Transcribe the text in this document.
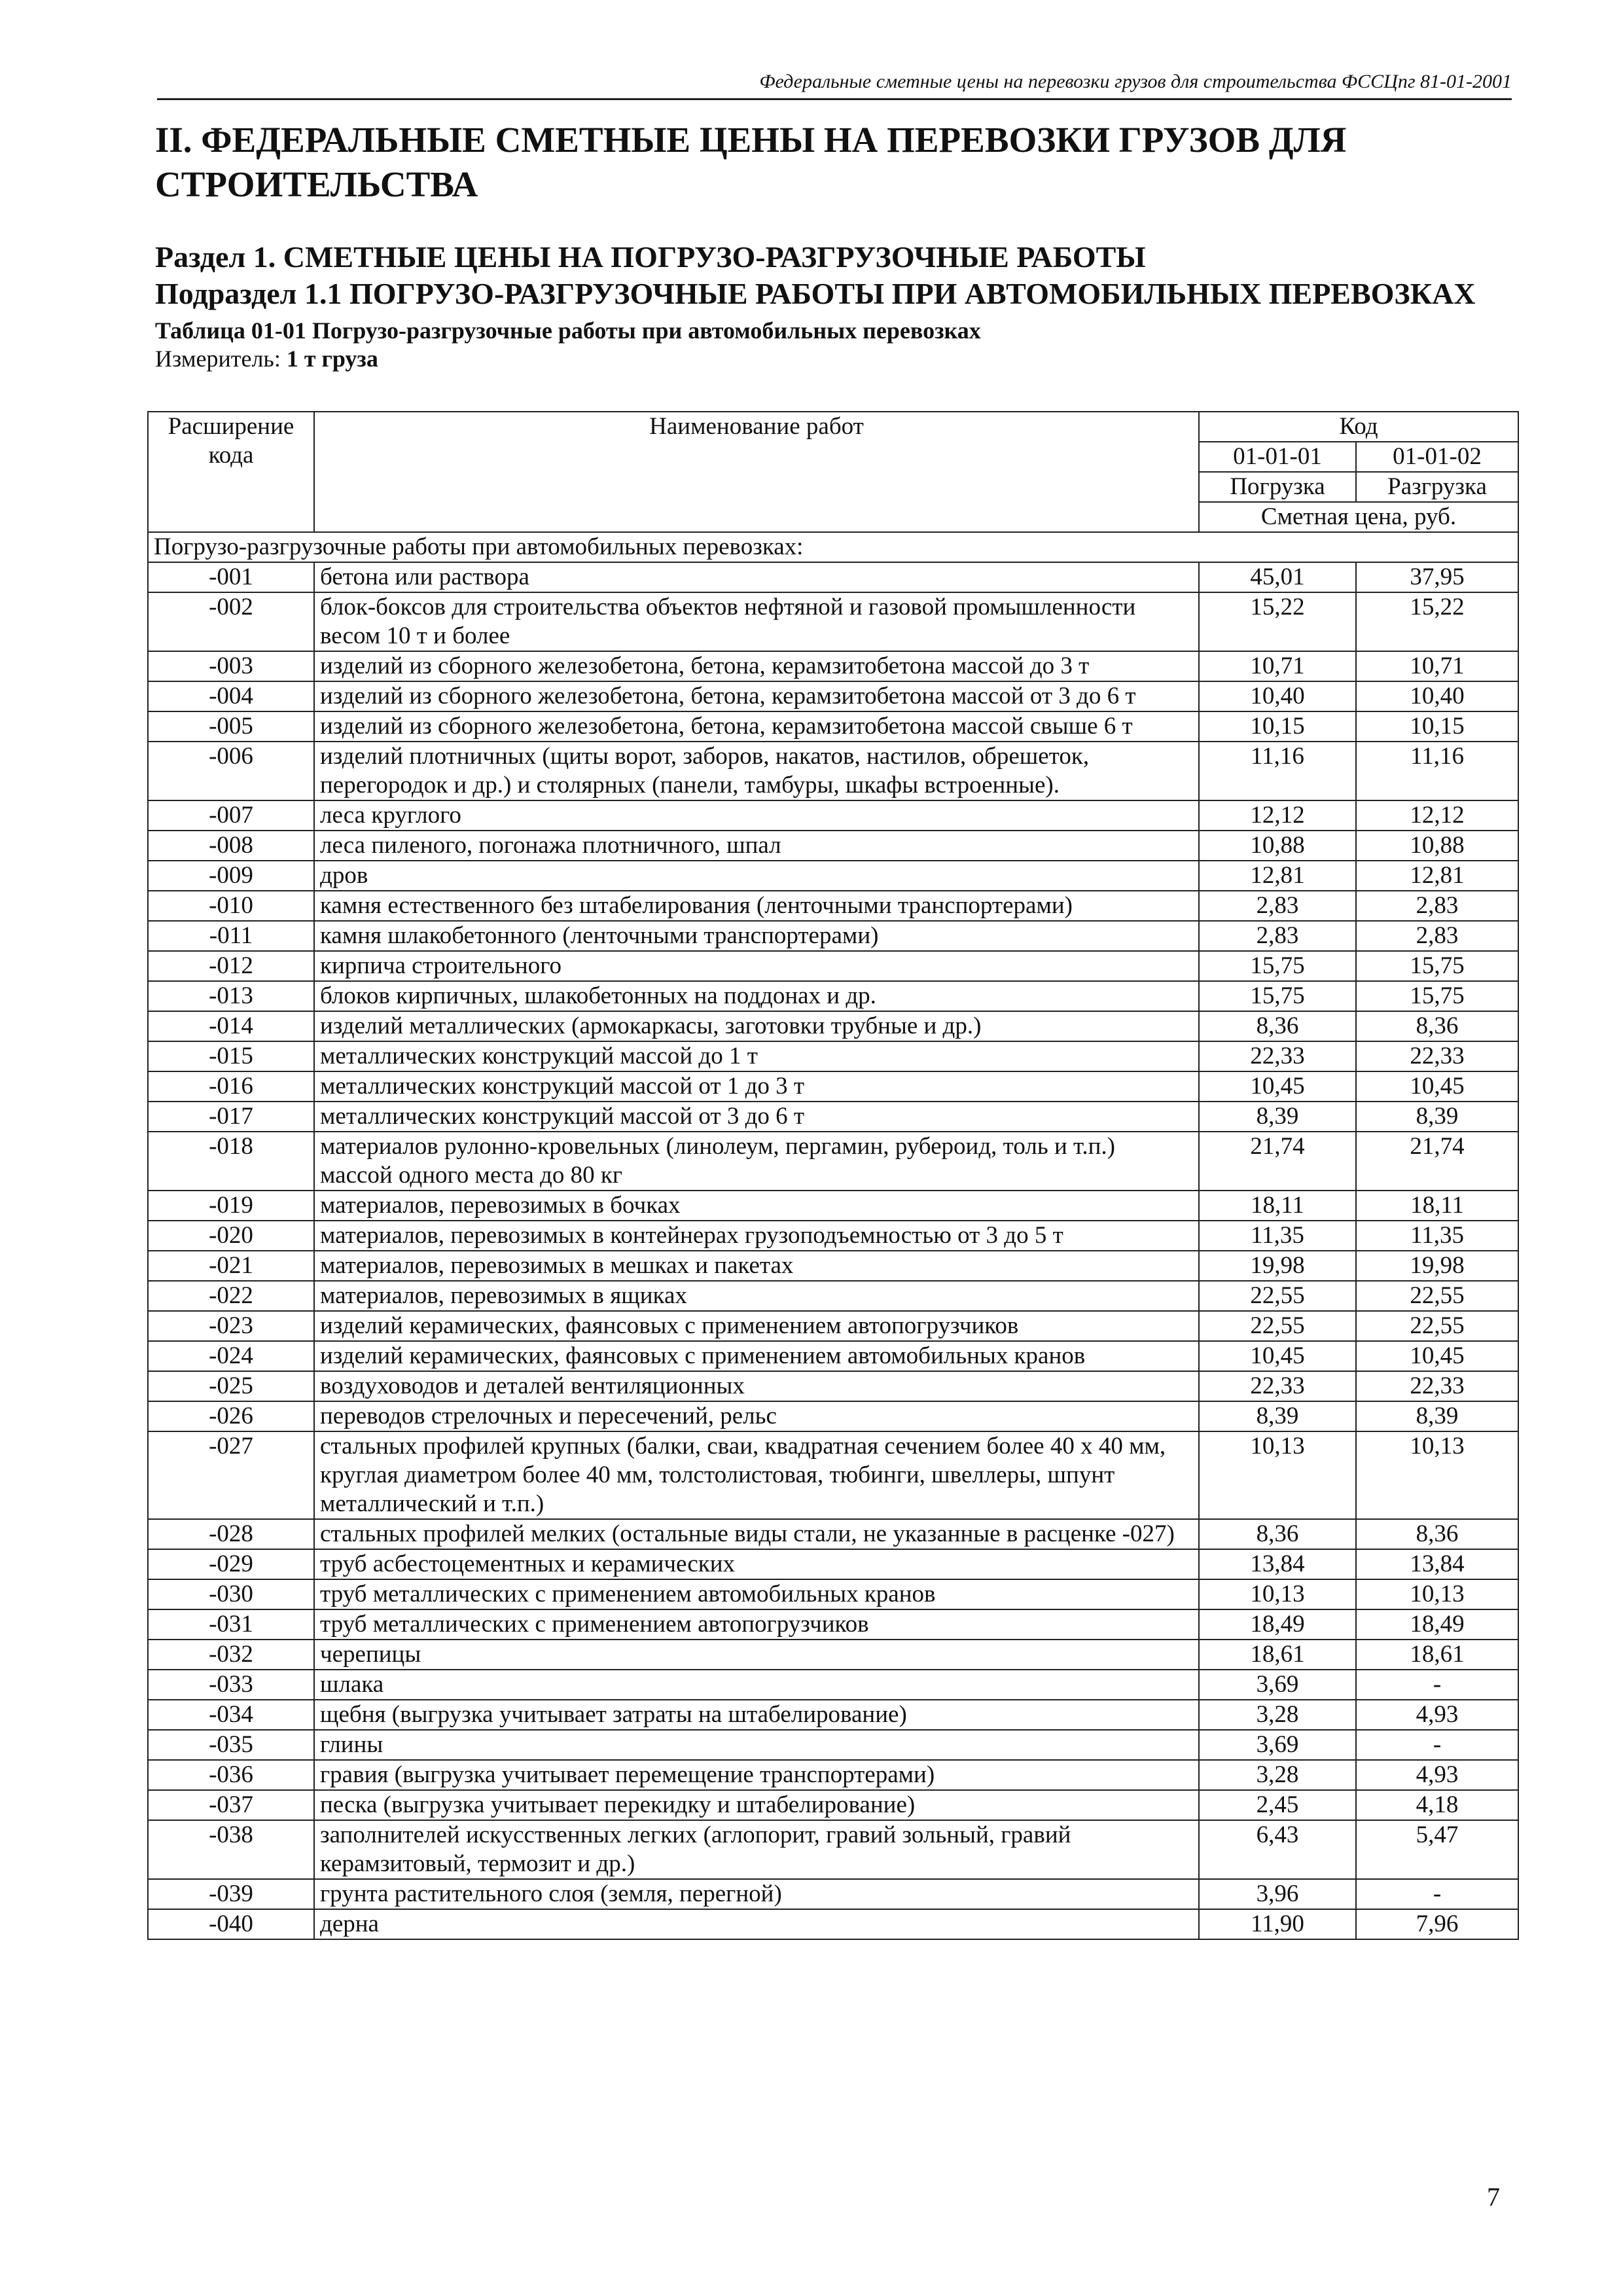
Федеральные сметные цены на перевозки грузов для строительства ФССЦпг 81-01-2001
II. ФЕДЕРАЛЬНЫЕ СМЕТНЫЕ ЦЕНЫ НА ПЕРЕВОЗКИ ГРУЗОВ ДЛЯ СТРОИТЕЛЬСТВА
Раздел 1. СМЕТНЫЕ ЦЕНЫ НА ПОГРУЗО-РАЗГРУЗОЧНЫЕ РАБОТЫ
Подраздел 1.1 ПОГРУЗО-РАЗГРУЗОЧНЫЕ РАБОТЫ ПРИ АВТОМОБИЛЬНЫХ ПЕРЕВОЗКАХ
Таблица 01-01 Погрузо-разгрузочные работы при автомобильных перевозках
Измеритель: 1 т груза
Расширение кода	Наименование работ	Код	
		01-01-01	01-01-02
		Погрузка	Разгрузка
		Сметная цена, руб.	
Погрузо-разгрузочные работы при автомобильных перевозках:			
-001	бетона или раствора	45,01	37,95
-002	блок-боксов для строительства объектов нефтяной и газовой промышленности весом 10 т и более	15,22	15,22
-003	изделий из сборного железобетона, бетона, керамзитобетона массой до 3 т	10,71	10,71
-004	изделий из сборного железобетона, бетона, керамзитобетона массой от 3 до 6 т	10,40	10,40
-005	изделий из сборного железобетона, бетона, керамзитобетона массой свыше 6 т	10,15	10,15
-006	изделий плотничных (щиты ворот, заборов, накатов, настилов, обрешеток, перегородок и др.) и столярных (панели, тамбуры, шкафы встроенные).	11,16	11,16
-007	леса круглого	12,12	12,12
-008	леса пиленого, погонажа плотничного, шпал	10,88	10,88
-009	дров	12,81	12,81
-010	камня естественного без штабелирования (ленточными транспортерами)	2,83	2,83
-011	камня шлакобетонного (ленточными транспортерами)	2,83	2,83
-012	кирпича строительного	15,75	15,75
-013	блоков кирпичных, шлакобетонных на поддонах и др.	15,75	15,75
-014	изделий металлических (армокаркасы, заготовки трубные и др.)	8,36	8,36
-015	металлических конструкций массой до 1 т	22,33	22,33
-016	металлических конструкций массой от 1 до 3 т	10,45	10,45
-017	металлических конструкций массой от 3 до 6 т	8,39	8,39
-018	материалов рулонно-кровельных (линолеум, пергамин, рубероид, толь и т.п.) массой одного места до 80 кг	21,74	21,74
-019	материалов, перевозимых в бочках	18,11	18,11
-020	материалов, перевозимых в контейнерах грузоподъемностью от 3 до 5 т	11,35	11,35
-021	материалов, перевозимых в мешках и пакетах	19,98	19,98
-022	материалов, перевозимых в ящиках	22,55	22,55
-023	изделий керамических, фаянсовых с применением автопогрузчиков	22,55	22,55
-024	изделий керамических, фаянсовых с применением автомобильных кранов	10,45	10,45
-025	воздуховодов и деталей вентиляционных	22,33	22,33
-026	переводов стрелочных и пересечений, рельс	8,39	8,39
-027	стальных профилей крупных (балки, сваи, квадратная сечением более 40 х 40 мм, круглая диаметром более 40 мм, толстолистовая, тюбинги, швеллеры, шпунт металлический и т.п.)	10,13	10,13
-028	стальных профилей мелких (остальные виды стали, не указанные в расценке -027)	8,36	8,36
-029	труб асбестоцементных и керамических	13,84	13,84
-030	труб металлических с применением автомобильных кранов	10,13	10,13
-031	труб металлических с применением автопогрузчиков	18,49	18,49
-032	черепицы	18,61	18,61
-033	шлака	3,69	-
-034	щебня (выгрузка учитывает затраты на штабелирование)	3,28	4,93
-035	глины	3,69	-
-036	гравия (выгрузка учитывает перемещение транспортерами)	3,28	4,93
-037	песка (выгрузка учитывает перекидку и штабелирование)	2,45	4,18
-038	заполнителей искусственных легких (аглопорит, гравий зольный, гравий керамзитовый, термозит и др.)	6,43	5,47
-039	грунта растительного слоя (земля, перегной)	3,96	-
-040	дерна	11,90	7,96
7
